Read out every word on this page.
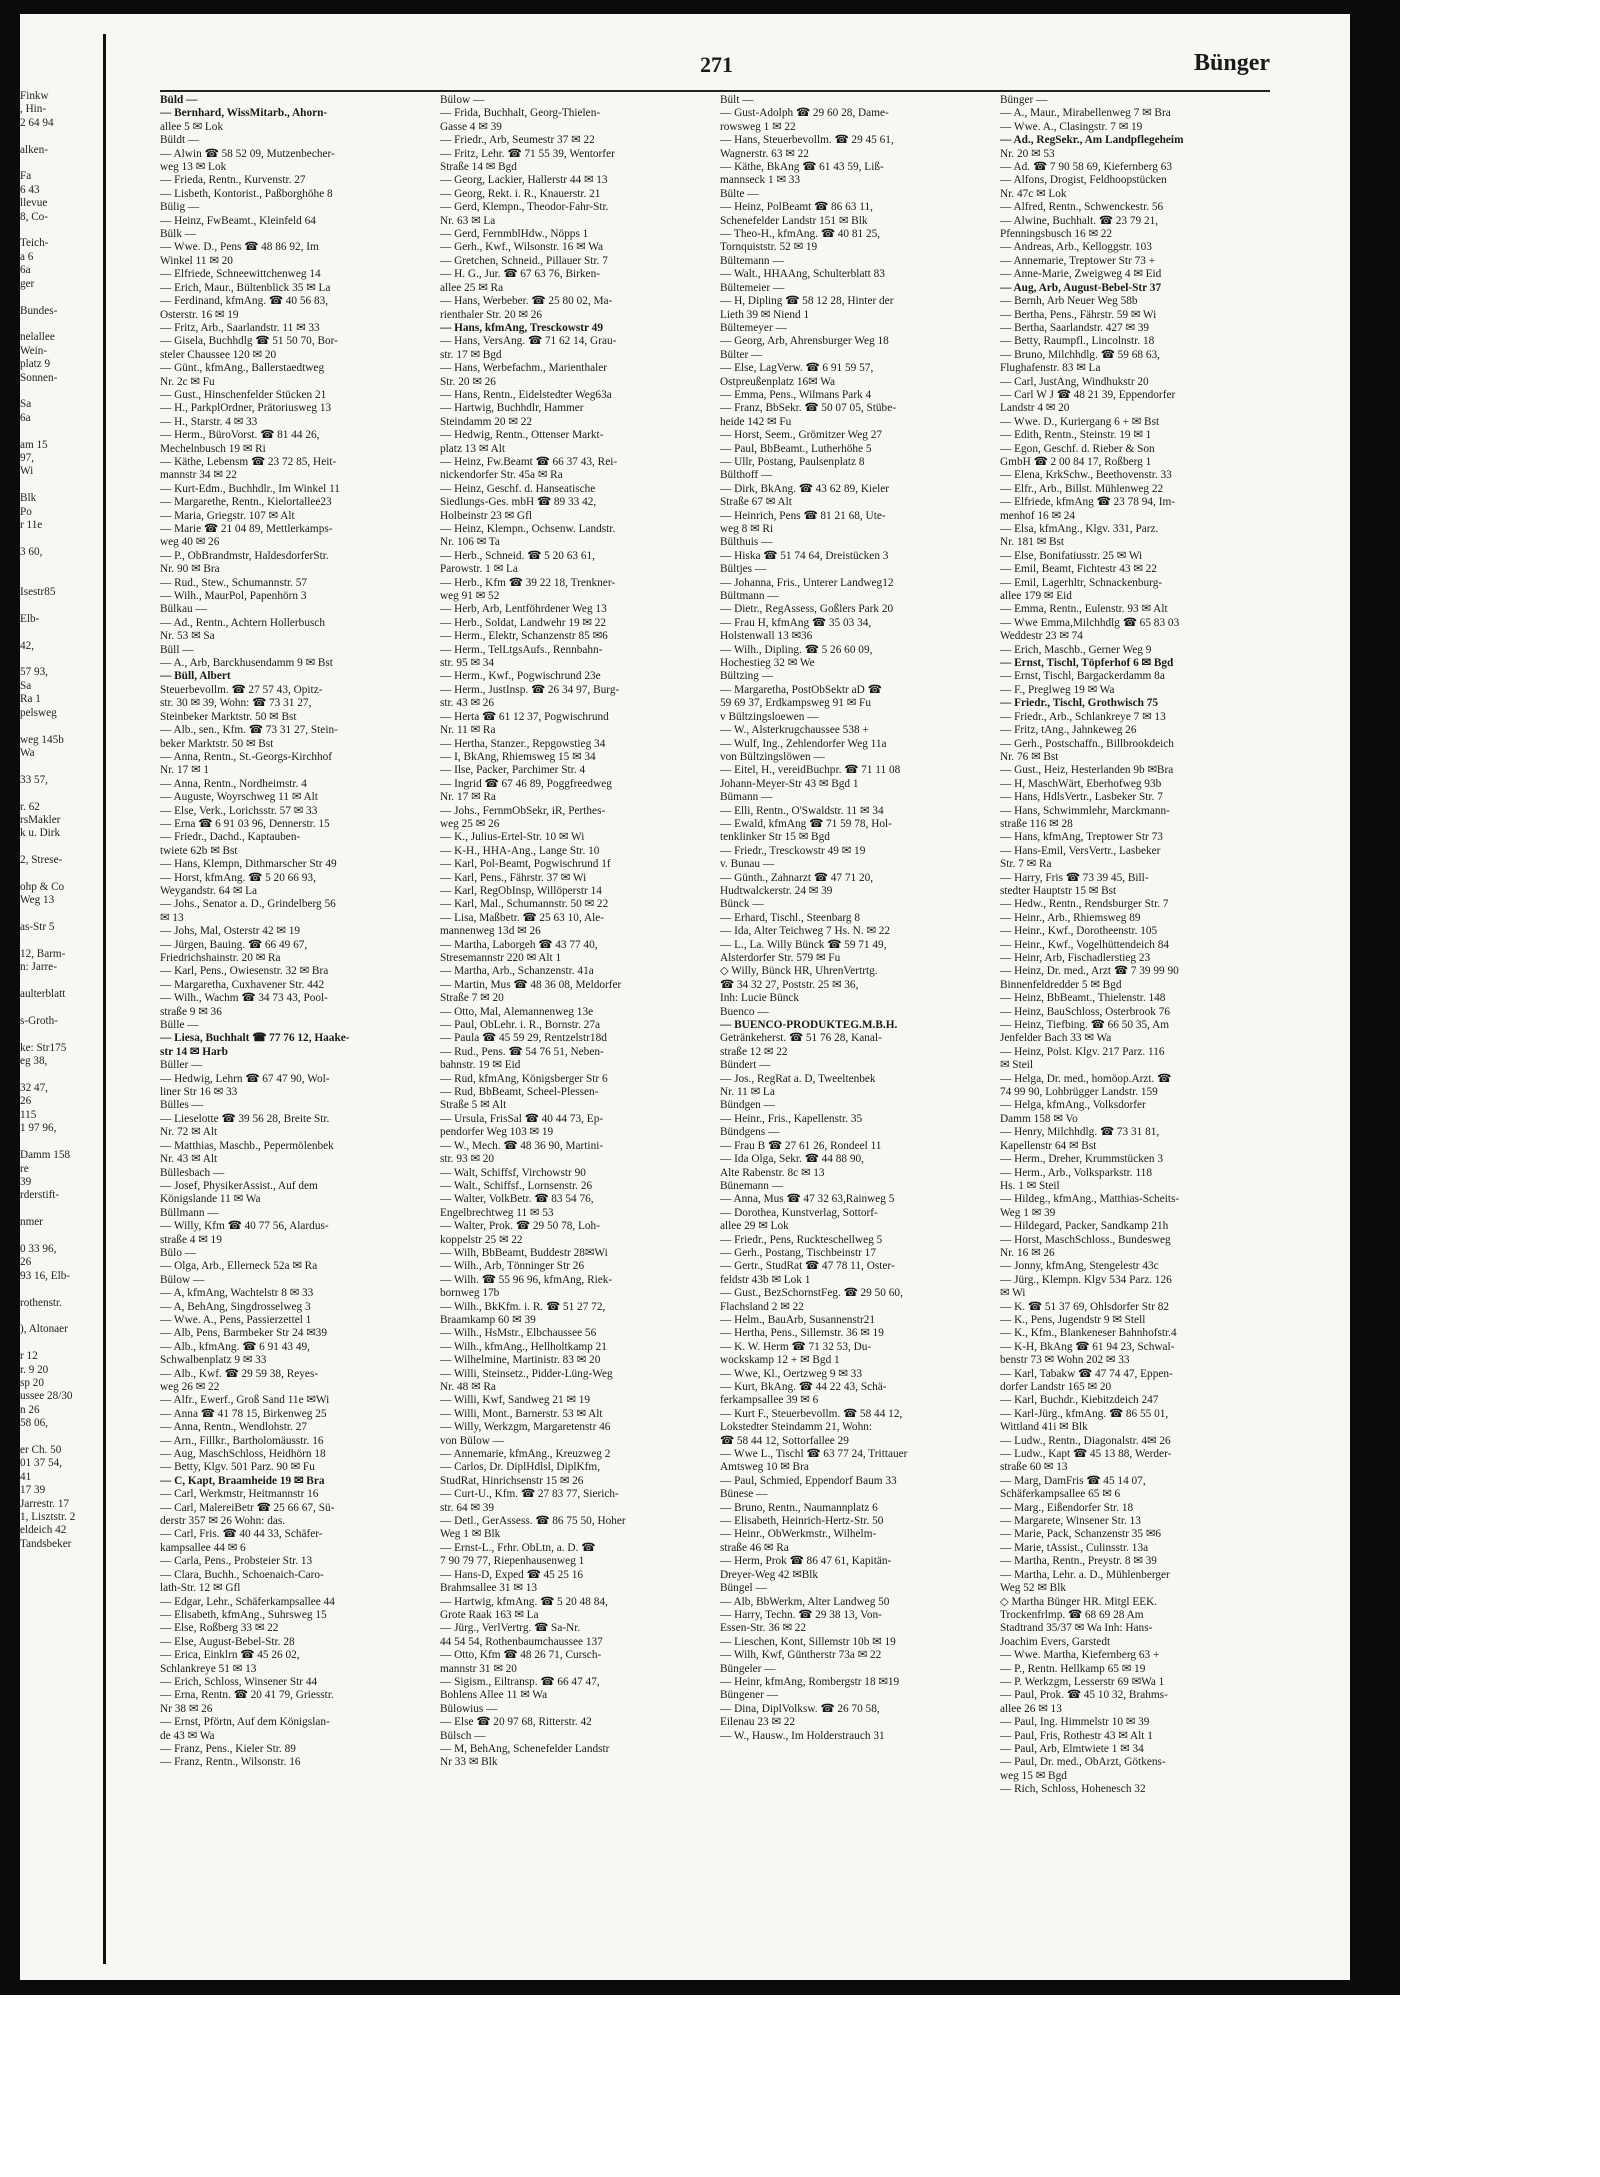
Finkw
, Hin-
2 64 94

alken-

Fa
6 43
llevue
8, Co-

Teich-
a 6
6a
ger

Bundes-

nelallee
Wein-
platz 9
Sonnen-

Sa
6a

am 15
97,
Wi

Blk
Po
r 11e

3 60,

Isestr85

Elb-

42,

57 93,
Sa
Ra 1
pelsweg

weg 145b
Wa

33 57,

r. 62
rsMakler
k u. Dirk

2, Strese-

ohp & Co
Weg 13

as-Str 5

12, Barm-
n: Jarre-

aulterblatt

s-Groth-

ke: Str175
eg 38,

32 47,
26
115
1 97 96,

Damm 158
re
39
rderstift-

nmer

0 33 96,
26
93 16, Elb-

rothenstr.

), Altonaer

r 12
r. 9 20
sp 20
ussee 28/30
n 26
58 06,

er Ch. 50
01 37 54,
41
17 39
Jarrestr. 17
1, Lisztstr. 2
eldeich 42
Tandsbeker
271	Bünger
Büld —
— Bernhard, WissMitarb., Ahorn-
allee 5 ✉ Lok
Büldt —
— Alwin ☎ 58 52 09, Mutzenbecher-
weg 13 ✉ Lok
— Frieda, Rentn., Kurvenstr. 27
— Lisbeth, Kontorist., Paßborghöhe 8
Bülig —
— Heinz, FwBeamt., Kleinfeld 64
Bülk —
— Wwe. D., Pens ☎ 48 86 92, Im
Winkel 11 ✉ 20
— Elfriede, Schneewittchenweg 14
— Erich, Maur., Bültenblick 35 ✉ La
— Ferdinand, kfmAng. ☎ 40 56 83,
Osterstr. 16 ✉ 19
— Fritz, Arb., Saarlandstr. 11 ✉ 33
— Gisela, Buchhdlg ☎ 51 50 70, Bor-
steler Chaussee 120 ✉ 20
— Günt., kfmAng., Ballerstaedtweg
Nr. 2c ✉ Fu
— Gust., Hinschenfelder Stücken 21
— H., ParkplOrdner, Prätoriusweg 13
— H., Starstr. 4 ✉ 33
— Herm., BüroVorst. ☎ 81 44 26,
Mechelnbusch 19 ✉ Ri
— Käthe, Lebensm ☎ 23 72 85, Heit-
mannstr 34 ✉ 22
— Kurt-Edm., Buchhdlr., Im Winkel 11
— Margarethe, Rentn., Kielortallee23
— Maria, Griegstr. 107 ✉ Alt
— Marie ☎ 21 04 89, Mettlerkamps-
weg 40 ✉ 26
— P., ObBrandmstr, HaldesdorferStr.
Nr. 90 ✉ Bra
— Rud., Stew., Schumannstr. 57
— Wilh., MaurPol, Papenhörn 3
Bülkau —
— Ad., Rentn., Achtern Hollerbusch
Nr. 53 ✉ Sa
Büll —
— A., Arb, Barckhusendamm 9 ✉ Bst
— Büll, Albert
Steuerbevollm. ☎ 27 57 43, Opitz-
str. 30 ✉ 39, Wohn: ☎ 73 31 27,
Steinbeker Marktstr. 50 ✉ Bst
— Alb., sen., Kfm. ☎ 73 31 27, Stein-
beker Marktstr. 50 ✉ Bst
— Anna, Rentn., St.-Georgs-Kirchhof
Nr. 17 ✉ 1
— Anna, Rentn., Nordheimstr. 4
— Auguste, Woyrschweg 11 ✉ Alt
— Else, Verk., Lorichsstr. 57 ✉ 33
— Erna ☎ 6 91 03 96, Dennerstr. 15
— Friedr., Dachd., Kaptauben-
twiete 62b ✉ Bst
— Hans, Klempn, Dithmarscher Str 49
— Horst, kfmAng. ☎ 5 20 66 93,
Weygandstr. 64 ✉ La
— Johs., Senator a. D., Grindelberg 56
✉ 13
— Johs, Mal, Osterstr 42 ✉ 19
— Jürgen, Bauing. ☎ 66 49 67,
Friedrichshainstr. 20 ✉ Ra
— Karl, Pens., Owiesenstr. 32 ✉ Bra
— Margaretha, Cuxhavener Str. 442
— Wilh., Wachm ☎ 34 73 43, Pool-
straße 9 ✉ 36
Bülle —
— Liesa, Buchhalt ☎ 77 76 12, Haake-
str 14 ✉ Harb
Büller —
— Hedwig, Lehrn ☎ 67 47 90, Wol-
liner Str 16 ✉ 33
Bülles —
— Lieselotte ☎ 39 56 28, Breite Str.
Nr. 72 ✉ Alt
— Matthias, Maschb., Pepermölenbek
Nr. 43 ✉ Alt
Büllesbach —
— Josef, PhysikerAssist., Auf dem
Königslande 11 ✉ Wa
Büllmann —
— Willy, Kfm ☎ 40 77 56, Alardus-
straße 4 ✉ 19
Bülo —
— Olga, Arb., Ellerneck 52a ✉ Ra
Bülow —
— A, kfmAng, Wachtelstr 8 ✉ 33
— A, BehAng, Singdrosselweg 3
— Wwe. A., Pens, Passierzettel 1
— Alb, Pens, Barmbeker Str 24 ✉39
— Alb., kfmAng. ☎ 6 91 43 49,
Schwalbenplatz 9 ✉ 33
— Alb., Kwf. ☎ 29 59 38, Reyes-
weg 26 ✉ 22
— Alfr., Ewerf., Groß Sand 11e ✉Wi
— Anna ☎ 41 78 15, Birkenweg 25
— Anna, Rentn., Wendlohstr. 27
— Arn., Fillkr., Bartholomäusstr. 16
— Aug, MaschSchloss, Heidhörn 18
— Betty, Klgv. 501 Parz. 90 ✉ Fu
— C, Kapt, Braamheide 19 ✉ Bra
— Carl, Werkmstr, Heitmannstr 16
— Carl, MalereiBetr ☎ 25 66 67, Sü-
derstr 357 ✉ 26 Wohn: das.
— Carl, Fris. ☎ 40 44 33, Schäfer-
kampsallee 44 ✉ 6
— Carla, Pens., Probsteier Str. 13
— Clara, Buchh., Schoenaich-Caro-
lath-Str. 12 ✉ Gfl
— Edgar, Lehr., Schäferkampsallee 44
— Elisabeth, kfmAng., Suhrsweg 15
— Else, Roßberg 33 ✉ 22
— Else, August-Bebel-Str. 28
— Erica, Einklrn ☎ 45 26 02,
Schlankreye 51 ✉ 13
— Erich, Schloss, Winsener Str 44
— Erna, Rentn. ☎ 20 41 79, Griesstr.
Nr 38 ✉ 26
— Ernst, Pförtn, Auf dem Königslan-
de 43 ✉ Wa
— Franz, Pens., Kieler Str. 89
— Franz, Rentn., Wilsonstr. 16
Bülow —
— Frida, Buchhalt, Georg-Thielen-
Gasse 4 ✉ 39
— Friedr., Arb, Seumestr 37 ✉ 22
— Fritz, Lehr. ☎ 71 55 39, Wentorfer
Straße 14 ✉ Bgd
— Georg, Lackier, Hallerstr 44 ✉ 13
— Georg, Rekt. i. R., Knauerstr. 21
— Gerd, Klempn., Theodor-Fahr-Str.
Nr. 63 ✉ La
— Gerd, FernmblHdw., Nöpps 1
— Gerh., Kwf., Wilsonstr. 16 ✉ Wa
— Gretchen, Schneid., Pillauer Str. 7
— H. G., Jur. ☎ 67 63 76, Birken-
allee 25 ✉ Ra
— Hans, Werbeber. ☎ 25 80 02, Ma-
rienthaler Str. 20 ✉ 26
— Hans, kfmAng, Tresckowstr 49
— Hans, VersAng. ☎ 71 62 14, Grau-
str. 17 ✉ Bgd
— Hans, Werbefachm., Marienthaler
Str. 20 ✉ 26
— Hans, Rentn., Eidelstedter Weg63a
— Hartwig, Buchhdlr, Hammer
Steindamm 20 ✉ 22
— Hedwig, Rentn., Ottenser Markt-
platz 13 ✉ Alt
— Heinz, Fw.Beamt ☎ 66 37 43, Rei-
nickendorfer Str. 45a ✉ Ra
— Heinz, Geschf. d. Hanseatische
Siedlungs-Ges. mbH ☎ 89 33 42,
Holbeinstr 23 ✉ Gfl
— Heinz, Klempn., Ochsenw. Landstr.
Nr. 106 ✉ Ta
— Herb., Schneid. ☎ 5 20 63 61,
Parowstr. 1 ✉ La
— Herb., Kfm ☎ 39 22 18, Trenkner-
weg 91 ✉ 52
— Herb, Arb, Lentföhrdener Weg 13
— Herb., Soldat, Landwehr 19 ✉ 22
— Herm., Elektr, Schanzenstr 85 ✉6
— Herm., TelLtgsAufs., Rennbahn-
str. 95 ✉ 34
— Herm., Kwf., Pogwischrund 23e
— Herm., JustInsp. ☎ 26 34 97, Burg-
str. 43 ✉ 26
— Herta ☎ 61 12 37, Pogwischrund
Nr. 11 ✉ Ra
— Hertha, Stanzer., Repgowstieg 34
— I, BkAng, Rhiemsweg 15 ✉ 34
— Ilse, Packer, Parchimer Str. 4
— Ingrid ☎ 67 46 89, Poggfreedweg
Nr. 17 ✉ Ra
— Johs., FernmObSekr, iR, Perthes-
weg 25 ✉ 26
— K., Julius-Ertel-Str. 10 ✉ Wi
— K-H., HHA-Ang., Lange Str. 10
— Karl, Pol-Beamt, Pogwischrund 1f
— Karl, Pens., Fährstr. 37 ✉ Wi
— Karl, RegObInsp, Willöperstr 14
— Karl, Mal., Schumannstr. 50 ✉ 22
— Lisa, Maßbetr. ☎ 25 63 10, Ale-
mannenweg 13d ✉ 26
— Martha, Laborgeh ☎ 43 77 40,
Stresemannstr 220 ✉ Alt 1
— Martha, Arb., Schanzenstr. 41a
— Martin, Mus ☎ 48 36 08, Meldorfer
Straße 7 ✉ 20
— Otto, Mal, Alemannenweg 13e
— Paul, ObLehr. i. R., Bornstr. 27a
— Paula ☎ 45 59 29, Rentzelstr18d
— Rud., Pens. ☎ 54 76 51, Neben-
bahnstr. 19 ✉ Eid
— Rud, kfmAng, Königsberger Str 6
— Rud, BbBeamt, Scheel-Plessen-
Straße 5 ✉ Alt
— Ursula, FrisSal ☎ 40 44 73, Ep-
pendorfer Weg 103 ✉ 19
— W., Mech. ☎ 48 36 90, Martini-
str. 93 ✉ 20
— Walt, Schiffsf, Virchowstr 90
— Walt., Schiffsf., Lornsenstr. 26
— Walter, VolkBetr. ☎ 83 54 76,
Engelbrechtweg 11 ✉ 53
— Walter, Prok. ☎ 29 50 78, Loh-
koppelstr 25 ✉ 22
— Wilh, BbBeamt, Buddestr 28✉Wi
— Wilh., Arb, Tönninger Str 26
— Wilh. ☎ 55 96 96, kfmAng, Riek-
bornweg 17b
— Wilh., BkKfm. i. R. ☎ 51 27 72,
Braamkamp 60 ✉ 39
— Wilh., HsMstr., Elbchaussee 56
— Wilh., kfmAng., Hellholtkamp 21
— Wilhelmine, Martinistr. 83 ✉ 20
— Willi, Steinsetz., Pidder-Lüng-Weg
Nr. 48 ✉ Ra
— Willi, Kwf, Sandweg 21 ✉ 19
— Willi, Mont., Barnerstr. 53 ✉ Alt
— Willy, Werkzgm, Margaretenstr 46
von Bülow —
— Annemarie, kfmAng., Kreuzweg 2
— Carlos, Dr. DiplHdlsl, DiplKfm,
StudRat, Hinrichsenstr 15 ✉ 26
— Curt-U., Kfm. ☎ 27 83 77, Sierich-
str. 64 ✉ 39
— Detl., GerAssess. ☎ 86 75 50, Hoher
Weg 1 ✉ Blk
— Ernst-L., Frhr. ObLtn, a. D. ☎
7 90 79 77, Riepenhausenweg 1
— Hans-D, Exped ☎ 45 25 16
Brahmsallee 31 ✉ 13
— Hartwig, kfmAng. ☎ 5 20 48 84,
Grote Raak 163 ✉ La
— Jürg., VerlVertrg. ☎ Sa-Nr.
44 54 54, Rothenbaumchaussee 137
— Otto, Kfm ☎ 48 26 71, Cursch-
mannstr 31 ✉ 20
— Sigism., Eiltransp. ☎ 66 47 47,
Bohlens Allee 11 ✉ Wa
Bülowius —
— Else ☎ 20 97 68, Ritterstr. 42
Bülsch —
— M, BehAng, Schenefelder Landstr
Nr 33 ✉ Blk
Bült —
— Gust-Adolph ☎ 29 60 28, Dame-
rowsweg 1 ✉ 22
— Hans, Steuerbevollm. ☎ 29 45 61,
Wagnerstr. 63 ✉ 22
— Käthe, BkAng ☎ 61 43 59, Liß-
mannseck 1 ✉ 33
Bülte —
— Heinz, PolBeamt ☎ 86 63 11,
Schenefelder Landstr 151 ✉ Blk
— Theo-H., kfmAng. ☎ 40 81 25,
Tornquiststr. 52 ✉ 19
Bültemann —
— Walt., HHAAng, Schulterblatt 83
Bültemeier —
— H, Dipling ☎ 58 12 28, Hinter der
Lieth 39 ✉ Niend 1
Bültemeyer —
— Georg, Arb, Ahrensburger Weg 18
Bülter —
— Else, LagVerw. ☎ 6 91 59 57,
Ostpreußenplatz 16✉ Wa
— Emma, Pens., Wilmans Park 4
— Franz, BbSekr. ☎ 50 07 05, Stübe-
heide 142 ✉ Fu
— Horst, Seem., Grömitzer Weg 27
— Paul, BbBeamt., Lutherhöhe 5
— Ullr, Postang, Paulsenplatz 8
Bülthoff —
— Dirk, BkAng. ☎ 43 62 89, Kieler
Straße 67 ✉ Alt
— Heinrich, Pens ☎ 81 21 68, Ute-
weg 8 ✉ Ri
Bülthuis —
— Hiska ☎ 51 74 64, Dreistücken 3
Bültjes —
— Johanna, Fris., Unterer Landweg12
Bültmann —
— Dietr., RegAssess, Goßlers Park 20
— Frau H, kfmAng ☎ 35 03 34,
Holstenwall 13 ✉36
— Wilh., Dipling. ☎ 5 26 60 09,
Hochestieg 32 ✉ We
Bültzing —
— Margaretha, PostObSektr aD ☎
59 69 37, Erdkampsweg 91 ✉ Fu
v Bültzingsloewen —
— W., Alsterkrugchaussee 538 +
— Wulf, Ing., Zehlendorfer Weg 11a
von Bültzingslöwen —
— Eitel, H., vereidBuchpr. ☎ 71 11 08
Johann-Meyer-Str 43 ✉ Bgd 1
Bümann —
— Elli, Rentn., O'Swaldstr. 11 ✉ 34
— Ewald, kfmAng ☎ 71 59 78, Hol-
tenklinker Str 15 ✉ Bgd
— Friedr., Tresckowstr 49 ✉ 19
v. Bunau —
— Günth., Zahnarzt ☎ 47 71 20,
Hudtwalckerstr. 24 ✉ 39
Bünck —
— Erhard, Tischl., Steenbarg 8
— Ida, Alter Teichweg 7 Hs. N. ✉ 22
— L., La. Willy Bünck ☎ 59 71 49,
Alsterdorfer Str. 579 ✉ Fu
◇ Willy, Bünck HR, UhrenVertrtg.
☎ 34 32 27, Poststr. 25 ✉ 36,
Inh: Lucie Bünck
Buenco —
— BUENCO-PRODUKTEG.M.B.H.
Getränkeherst. ☎ 51 76 28, Kanal-
straße 12 ✉ 22
Bündert —
— Jos., RegRat a. D, Tweeltenbek
Nr. 11 ✉ La
Bündgen —
— Heinr., Fris., Kapellenstr. 35
Bündgens —
— Frau B ☎ 27 61 26, Rondeel 11
— Ida Olga, Sekr. ☎ 44 88 90,
Alte Rabenstr. 8c ✉ 13
Bünemann —
— Anna, Mus ☎ 47 32 63,Rainweg 5
— Dorothea, Kunstverlag, Sottorf-
allee 29 ✉ Lok
— Friedr., Pens, Ruckteschellweg 5
— Gerh., Postang, Tischbeinstr 17
— Gertr., StudRat ☎ 47 78 11, Oster-
feldstr 43b ✉ Lok 1
— Gust., BezSchornstFeg. ☎ 29 50 60,
Flachsland 2 ✉ 22
— Helm., BauArb, Susannenstr21
— Hertha, Pens., Sillemstr. 36 ✉ 19
— K. W. Herm ☎ 71 32 53, Du-
wockskamp 12 + ✉ Bgd 1
— Wwe, Kl., Oertzweg 9 ✉ 33
— Kurt, BkAng. ☎ 44 22 43, Schä-
ferkampsallee 39 ✉ 6
— Kurt F., Steuerbevollm. ☎ 58 44 12,
Lokstedter Steindamm 21, Wohn:
☎ 58 44 12, Sottorfallee 29
— Wwe L., Tischl ☎ 63 77 24, Trittauer
Amtsweg 10 ✉ Bra
— Paul, Schmied, Eppendorf Baum 33
Bünese —
— Bruno, Rentn., Naumannplatz 6
— Elisabeth, Heinrich-Hertz-Str. 50
— Heinr., ObWerkmstr., Wilhelm-
straße 46 ✉ Ra
— Herm, Prok ☎ 86 47 61, Kapitän-
Dreyer-Weg 42 ✉Blk
Büngel —
— Alb, BbWerkm, Alter Landweg 50
— Harry, Techn. ☎ 29 38 13, Von-
Essen-Str. 36 ✉ 22
— Lieschen, Kont, Sillemstr 10b ✉ 19
— Wilh, Kwf, Güntherstr 73a ✉ 22
Büngeler —
— Heinr, kfmAng, Rombergstr 18 ✉19
Büngener —
— Dina, DiplVolksw. ☎ 26 70 58,
Eilenau 23 ✉ 22
— W., Hausw., Im Holderstrauch 31
Bünger —
— A., Maur., Mirabellenweg 7 ✉ Bra
— Wwe. A., Clasingstr. 7 ✉ 19
— Ad., RegSekr., Am Landpflegeheim
Nr. 20 ✉ 53
— Ad. ☎ 7 90 58 69, Kiefernberg 63
— Alfons, Drogist, Feldhoopstücken
Nr. 47c ✉ Lok
— Alfred, Rentn., Schwenckestr. 56
— Alwine, Buchhalt. ☎ 23 79 21,
Pfenningsbusch 16 ✉ 22
— Andreas, Arb., Kelloggstr. 103
— Annemarie, Treptower Str 73 +
— Anne-Marie, Zweigweg 4 ✉ Eid
— Aug, Arb, August-Bebel-Str 37
— Bernh, Arb Neuer Weg 58b
— Bertha, Pens., Fährstr. 59 ✉ Wi
— Bertha, Saarlandstr. 427 ✉ 39
— Betty, Raumpfl., Lincolnstr. 18
— Bruno, Milchhdlg. ☎ 59 68 63,
Flughafenstr. 83 ✉ La
— Carl, JustAng, Windhukstr 20
— Carl W J ☎ 48 21 39, Eppendorfer
Landstr 4 ✉ 20
— Wwe. D., Kuriergang 6 + ✉ Bst
— Edith, Rentn., Steinstr. 19 ✉ 1
— Egon, Geschf. d. Rieber & Son
GmbH ☎ 2 00 84 17, Roßberg 1
— Elena, KrkSchw., Beethovenstr. 33
— Elfr., Arb., Billst. Mühlenweg 22
— Elfriede, kfmAng ☎ 23 78 94, Im-
menhof 16 ✉ 24
— Elsa, kfmAng., Klgv. 331, Parz.
Nr. 181 ✉ Bst
— Else, Bonifatiusstr. 25 ✉ Wi
— Emil, Beamt, Fichtestr 43 ✉ 22
— Emil, Lagerhltr, Schnackenburg-
allee 179 ✉ Eid
— Emma, Rentn., Eulenstr. 93 ✉ Alt
— Wwe Emma,Milchhdlg ☎ 65 83 03
Weddestr 23 ✉ 74
— Erich, Maschb., Gerner Weg 9
— Ernst, Tischl, Töpferhof 6 ✉ Bgd
— Ernst, Tischl, Bargackerdamm 8a
— F., Preglweg 19 ✉ Wa
— Friedr., Tischl, Grothwisch 75
— Friedr., Arb., Schlankreye 7 ✉ 13
— Fritz, tAng., Jahnkeweg 26
— Gerh., Postschaffn., Billbrookdeich
Nr. 76 ✉ Bst
— Gust., Heiz, Hesterlanden 9b ✉Bra
— H, MaschWärt, Eberhofweg 93b
— Hans, HdlsVertr., Lasbeker Str. 7
— Hans, Schwimmlehr, Marckmann-
straße 116 ✉ 28
— Hans, kfmAng, Treptower Str 73
— Hans-Emil, VersVertr., Lasbeker
Str. 7 ✉ Ra
— Harry, Fris ☎ 73 39 45, Bill-
stedter Hauptstr 15 ✉ Bst
— Hedw., Rentn., Rendsburger Str. 7
— Heinr., Arb., Rhiemsweg 89
— Heinr., Kwf., Dorotheenstr. 105
— Heinr., Kwf., Vogelhüttendeich 84
— Heinr, Arb, Fischadlerstieg 23
— Heinz, Dr. med., Arzt ☎ 7 39 99 90
Binnenfeldredder 5 ✉ Bgd
— Heinz, BbBeamt., Thielenstr. 148
— Heinz, BauSchloss, Osterbrook 76
— Heinz, Tiefbing. ☎ 66 50 35, Am
Jenfelder Bach 33 ✉ Wa
— Heinz, Polst. Klgv. 217 Parz. 116
✉ Steil
— Helga, Dr. med., homöop.Arzt. ☎
74 99 90, Lohbrügger Landstr. 159
— Helga, kfmAng., Volksdorfer
Damm 158 ✉ Vo
— Henry, Milchhdlg. ☎ 73 31 81,
Kapellenstr 64 ✉ Bst
— Herm., Dreher, Krummstücken 3
— Herm., Arb., Volksparkstr. 118
Hs. 1 ✉ Steil
— Hildeg., kfmAng., Matthias-Scheits-
Weg 1 ✉ 39
— Hildegard, Packer, Sandkamp 21h
— Horst, MaschSchloss., Bundesweg
Nr. 16 ✉ 26
— Jonny, kfmAng, Stengelestr 43c
— Jürg., Klempn. Klgv 534 Parz. 126
✉ Wi
— K. ☎ 51 37 69, Ohlsdorfer Str 82
— K., Pens, Jugendstr 9 ✉ Stell
— K., Kfm., Blankeneser Bahnhofstr.4
— K-H, BkAng ☎ 61 94 23, Schwal-
benstr 73 ✉ Wohn 202 ✉ 33
— Karl, Tabakw ☎ 47 74 47, Eppen-
dorfer Landstr 165 ✉ 20
— Karl, Buchdr., Kiebitzdeich 247
— Karl-Jürg., kfmAng. ☎ 86 55 01,
Wittland 41i ✉ Blk
— Ludw., Rentn., Diagonalstr. 4✉ 26
— Ludw., Kapt ☎ 45 13 88, Werder-
straße 60 ✉ 13
— Marg, DamFris ☎ 45 14 07,
Schäferkampsallee 65 ✉ 6
— Marg., Eißendorfer Str. 18
— Margarete, Winsener Str. 13
— Marie, Pack, Schanzenstr 35 ✉6
— Marie, tAssist., Culinsstr. 13a
— Martha, Rentn., Preystr. 8 ✉ 39
— Martha, Lehr. a. D., Mühlenberger
Weg 52 ✉ Blk
◇ Martha Bünger HR. Mitgl EEK.
Trockenfrlmp. ☎ 68 69 28 Am
Stadtrand 35/37 ✉ Wa Inh: Hans-
Joachim Evers, Garstedt
— Wwe. Martha, Kiefernberg 63 +
— P., Rentn. Hellkamp 65 ✉ 19
— P. Werkzgm, Lesserstr 69 ✉Wa 1
— Paul, Prok. ☎ 45 10 32, Brahms-
allee 26 ✉ 13
— Paul, Ing. Himmelstr 10 ✉ 39
— Paul, Fris, Rothestr 43 ✉ Alt 1
— Paul, Arb, Elmtwiete 1 ✉ 34
— Paul, Dr. med., ObArzt, Götkens-
weg 15 ✉ Bgd
— Rich, Schloss, Hohenesch 32
